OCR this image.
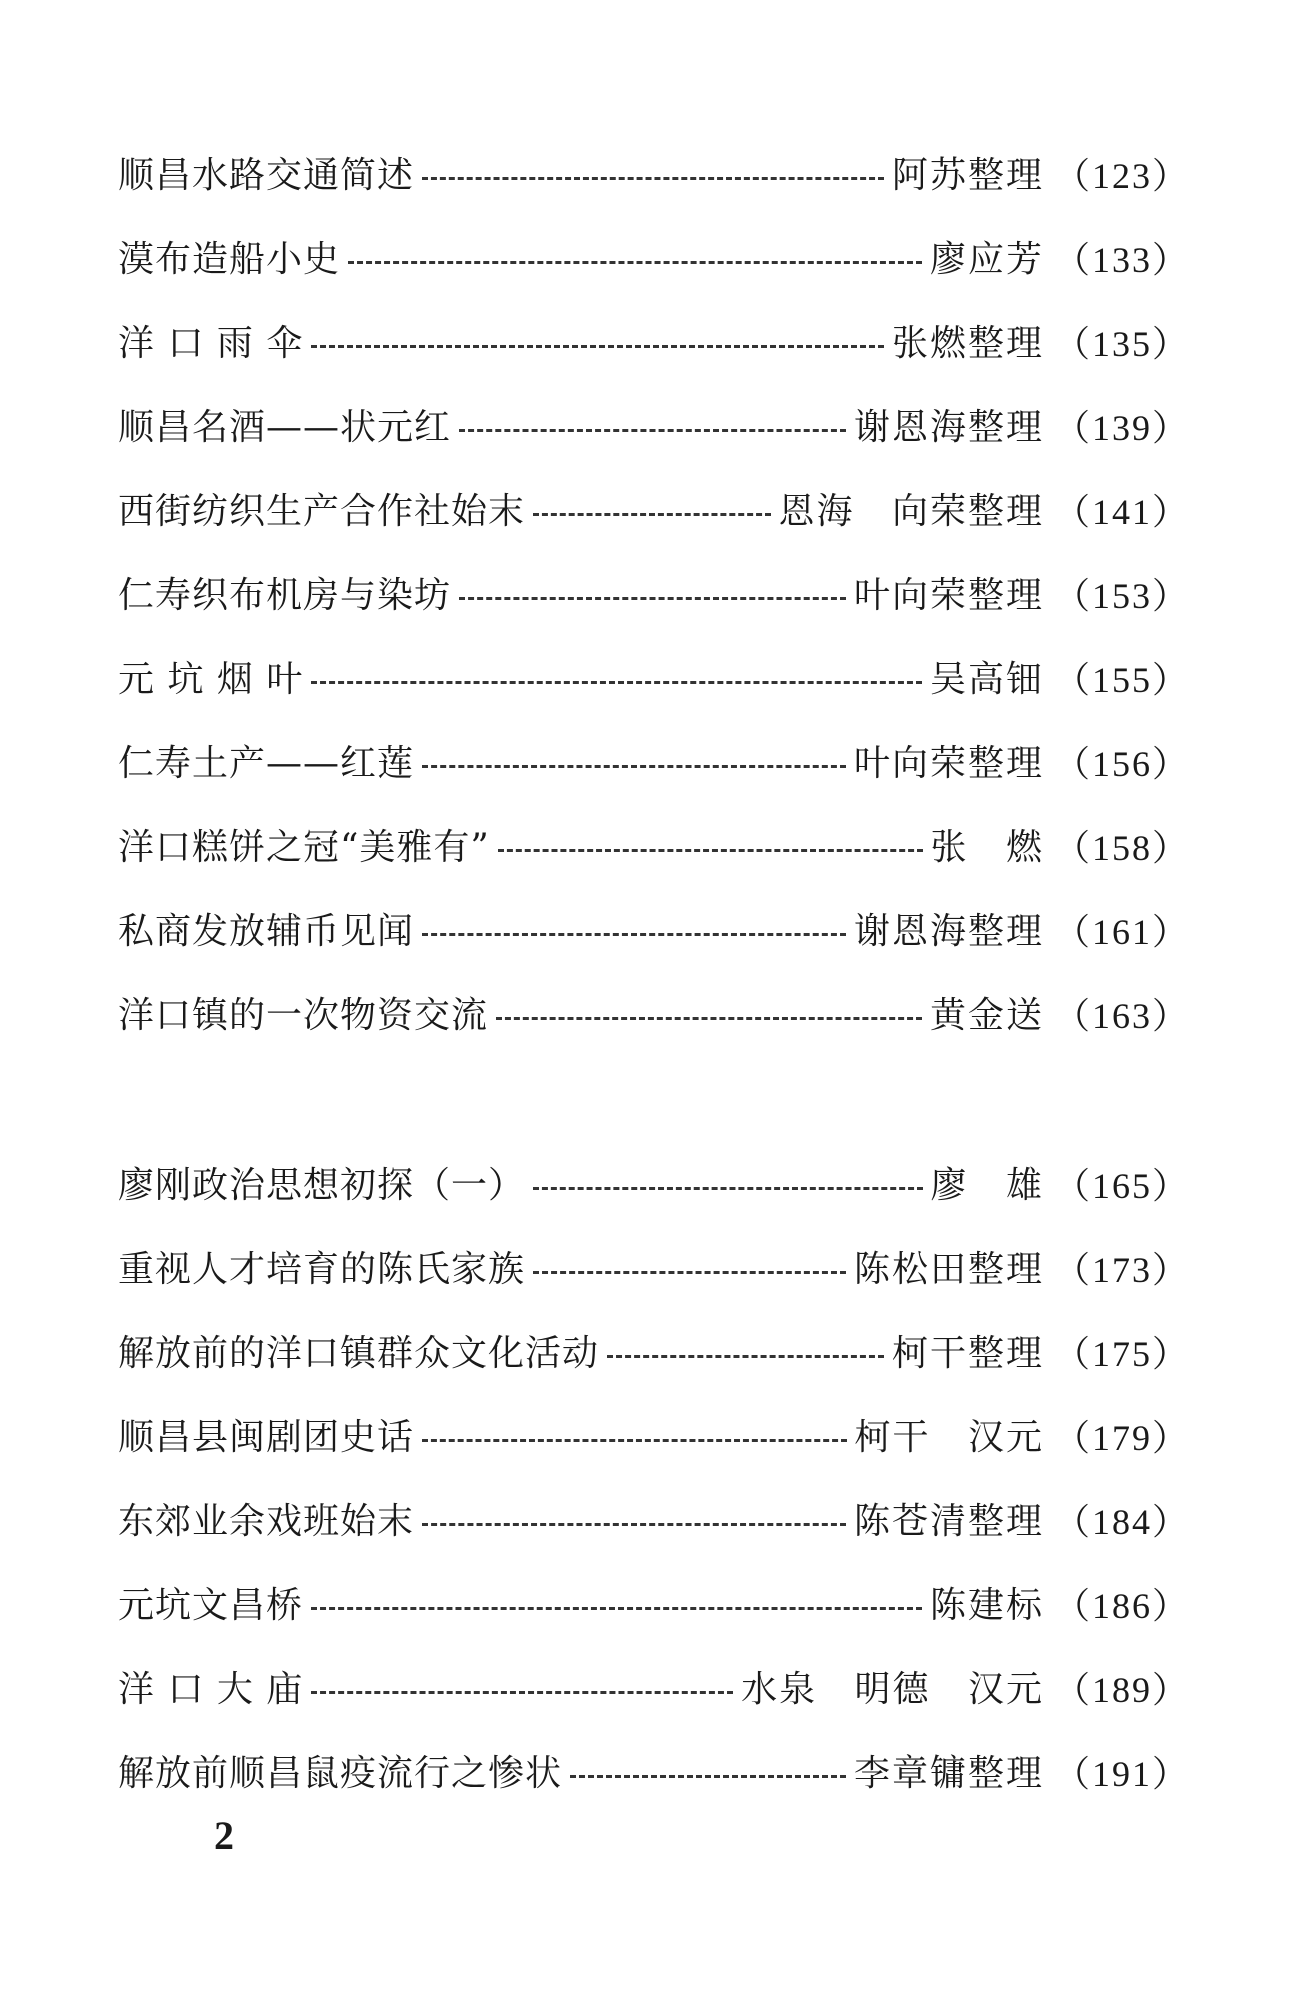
顺昌水路交通简述	阿苏整理 （123）
漠布造船小史	廖应芳 （133）
洋 口 雨 伞	张燃整理 （135）
顺昌名酒——状元红	谢恩海整理 （139）
西街纺织生产合作社始末	恩海 向荣整理 （141）
仁寿织布机房与染坊	叶向荣整理 （153）
元 坑 烟 叶	吴高钿 （155）
仁寿土产——红莲	叶向荣整理 （156）
洋口糕饼之冠“美雅有”	张 燃 （158）
私商发放辅币见闻	谢恩海整理 （161）
洋口镇的一次物资交流	黄金送 （163）
廖刚政治思想初探（一）	廖 雄 （165）
重视人才培育的陈氏家族	陈松田整理 （173）
解放前的洋口镇群众文化活动	柯干整理 （175）
顺昌县闽剧团史话	柯干 汉元 （179）
东郊业余戏班始末	陈苍清整理 （184）
元坑文昌桥	陈建标 （186）
洋 口 大 庙	水泉 明德 汉元 （189）
解放前顺昌鼠疫流行之惨状	李章镛整理 （191）
2
